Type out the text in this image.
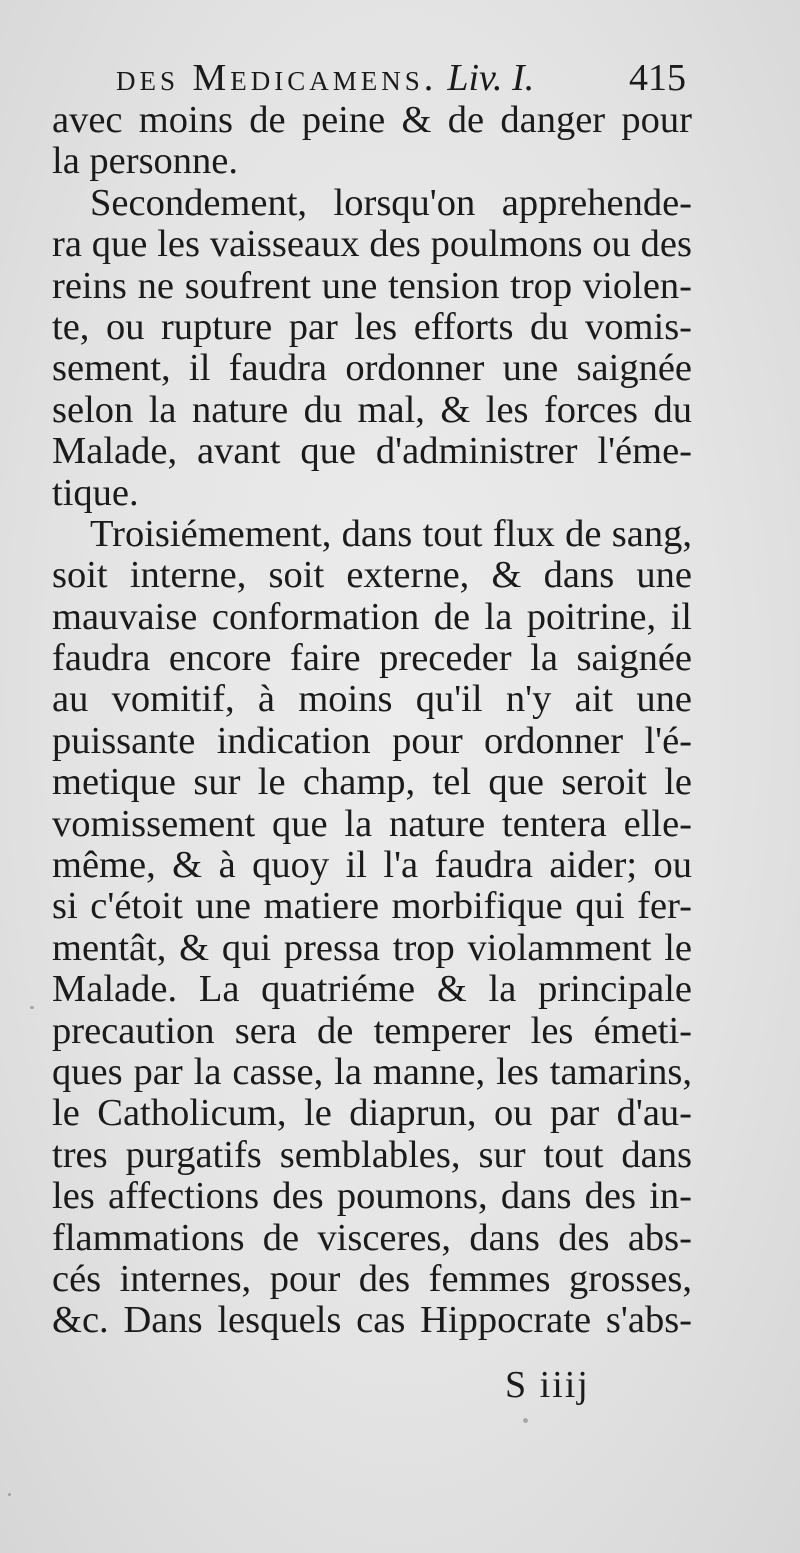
des Medicamens. Liv. I. 415
avec moins de peine & de danger pour
la personne.
Secondement, lorsqu'on apprehende-
ra que les vaisseaux des poulmons ou des
reins ne soufrent une tension trop violen-
te, ou rupture par les efforts du vomis-
sement, il faudra ordonner une saignée
selon la nature du mal, & les forces du
Malade, avant que d'administrer l'éme-
tique.
Troisiémement, dans tout flux de sang,
soit interne, soit externe, & dans une
mauvaise conformation de la poitrine, il
faudra encore faire preceder la saignée
au vomitif, à moins qu'il n'y ait une
puissante indication pour ordonner l'é-
metique sur le champ, tel que seroit le
vomissement que la nature tentera elle-
même, & à quoy il l'a faudra aider; ou
si c'étoit une matiere morbifique qui fer-
mentât, & qui pressa trop violamment le
Malade. La quatriéme & la principale
precaution sera de temperer les émeti-
ques par la casse, la manne, les tamarins,
le Catholicum, le diaprun, ou par d'au-
tres purgatifs semblables, sur tout dans
les affections des poumons, dans des in-
flammations de visceres, dans des abs-
cés internes, pour des femmes grosses,
&c. Dans lesquels cas Hippocrate s'abs-
S iiij
